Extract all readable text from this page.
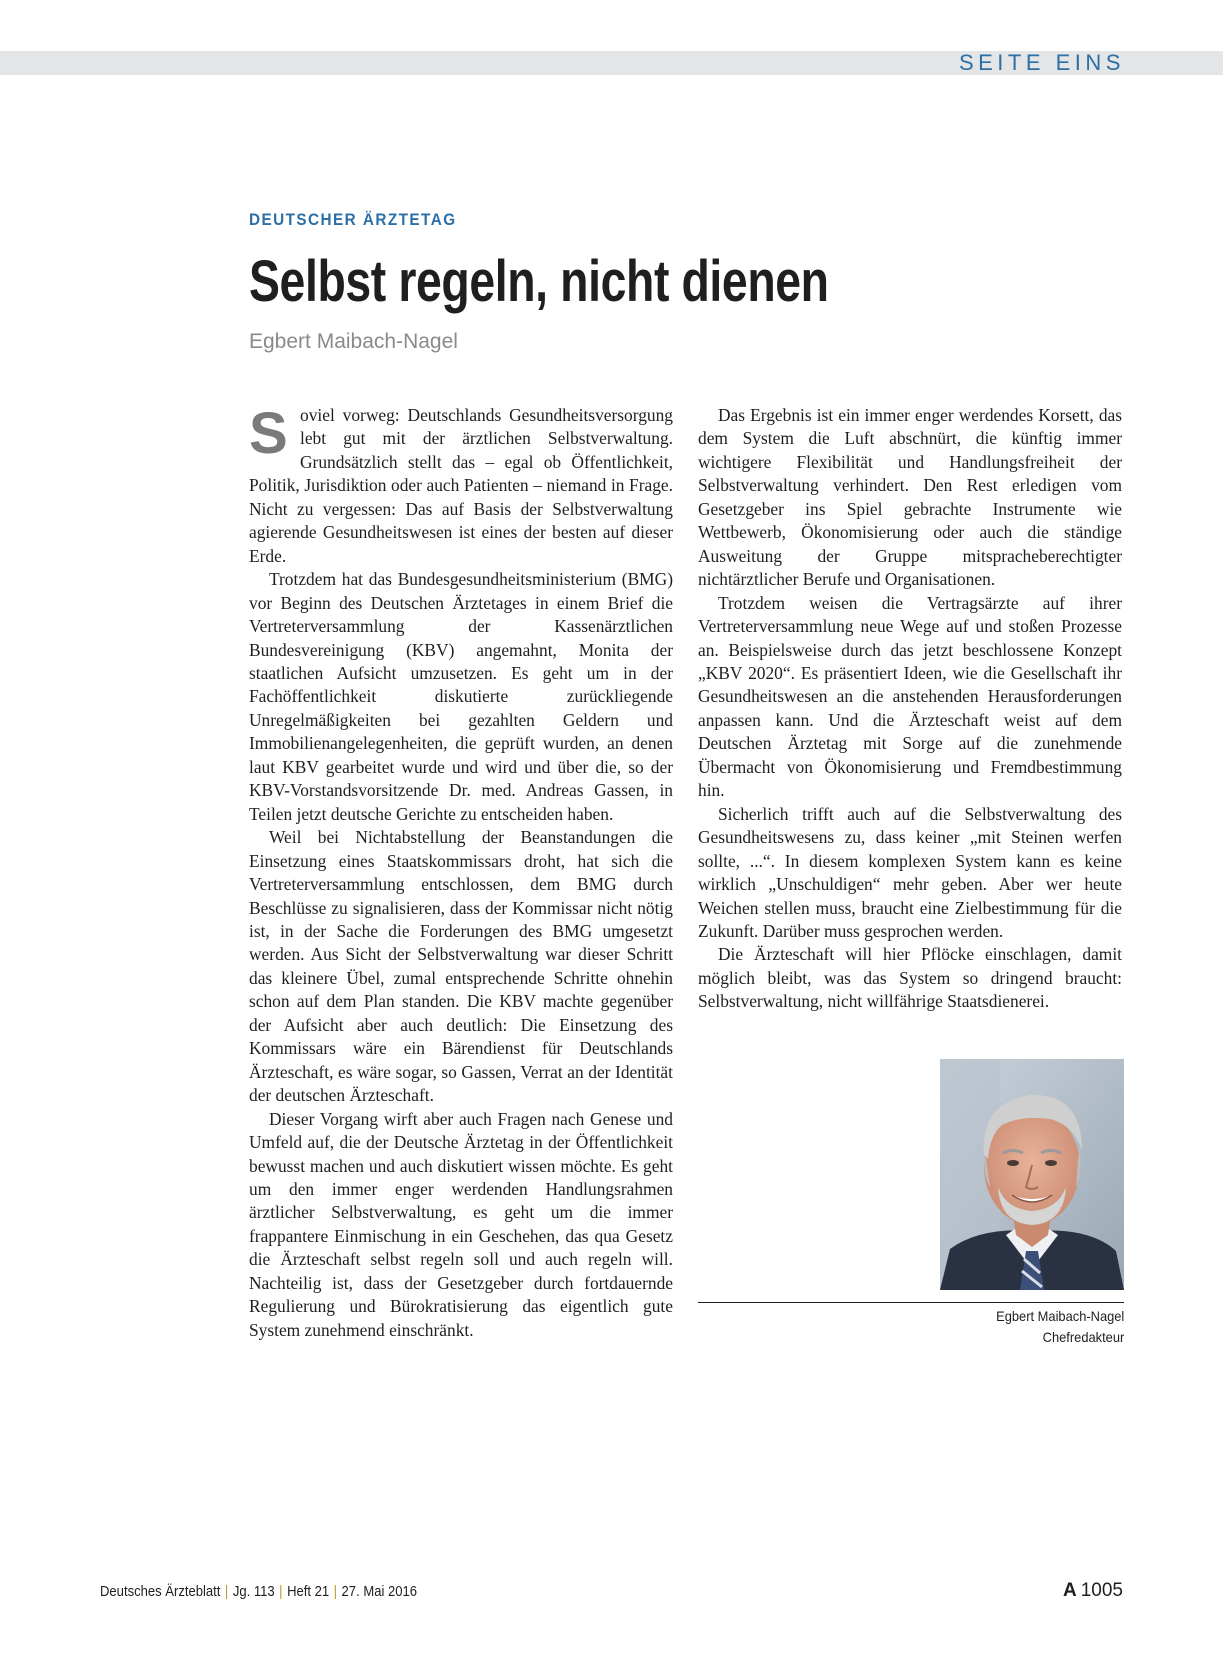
SEITE EINS
DEUTSCHER ÄRZTETAG
Selbst regeln, nicht dienen
Egbert Maibach-Nagel

Soviel vorweg: Deutschlands Gesundheitsversorgung lebt gut mit der ärztlichen Selbstverwaltung. Grundsätzlich stellt das – egal ob Öffentlichkeit, Politik, Jurisdiktion oder auch Patienten – niemand in Frage. Nicht zu vergessen: Das auf Basis der Selbstverwaltung agierende Gesundheitswesen ist eines der besten auf dieser Erde.

Trotzdem hat das Bundesgesundheitsministerium (BMG) vor Beginn des Deutschen Ärztetages in einem Brief die Vertreterversammlung der Kassenärztlichen Bundesvereinigung (KBV) angemahnt, Monita der staatlichen Aufsicht umzusetzen. Es geht um in der Fachöffentlichkeit diskutierte zurückliegende Unregelmäßigkeiten bei gezahlten Geldern und Immobilienangelegenheiten, die geprüft wurden, an denen laut KBV gearbeitet wurde und wird und über die, so der KBV-Vorstandsvorsitzende Dr. med. Andreas Gassen, in Teilen jetzt deutsche Gerichte zu entscheiden haben.

Weil bei Nichtabstellung der Beanstandungen die Einsetzung eines Staatskommissars droht, hat sich die Vertreterversammlung entschlossen, dem BMG durch Beschlüsse zu signalisieren, dass der Kommissar nicht nötig ist, in der Sache die Forderungen des BMG umgesetzt werden. Aus Sicht der Selbstverwaltung war dieser Schritt das kleinere Übel, zumal entsprechende Schritte ohnehin schon auf dem Plan standen. Die KBV machte gegenüber der Aufsicht aber auch deutlich: Die Einsetzung des Kommissars wäre ein Bärendienst für Deutschlands Ärzteschaft, es wäre sogar, so Gassen, Verrat an der Identität der deutschen Ärzteschaft.

Dieser Vorgang wirft aber auch Fragen nach Genese und Umfeld auf, die der Deutsche Ärztetag in der Öffentlichkeit bewusst machen und auch diskutiert wissen möchte. Es geht um den immer enger werdenden Handlungsrahmen ärztlicher Selbstverwaltung, es geht um die immer frappantere Einmischung in ein Geschehen, das qua Gesetz die Ärzteschaft selbst regeln soll und auch regeln will. Nachteilig ist, dass der Gesetzgeber durch fortdauernde Regulierung und Bürokratisierung das eigentlich gute System zunehmend einschränkt.

Das Ergebnis ist ein immer enger werdendes Korsett, das dem System die Luft abschnürt, die künftig immer wichtigere Flexibilität und Handlungsfreiheit der Selbstverwaltung verhindert. Den Rest erledigen vom Gesetzgeber ins Spiel gebrachte Instrumente wie Wettbewerb, Ökonomisierung oder auch die ständige Ausweitung der Gruppe mitspracheberechtigter nichtärztlicher Berufe und Organisationen.

Trotzdem weisen die Vertragsärzte auf ihrer Vertreterversammlung neue Wege auf und stoßen Prozesse an. Beispielsweise durch das jetzt beschlossene Konzept „KBV 2020“. Es präsentiert Ideen, wie die Gesellschaft ihr Gesundheitswesen an die anstehenden Herausforderungen anpassen kann. Und die Ärzteschaft weist auf dem Deutschen Ärztetag mit Sorge auf die zunehmende Übermacht von Ökonomisierung und Fremdbestimmung hin.

Sicherlich trifft auch auf die Selbstverwaltung des Gesundheitswesens zu, dass keiner „mit Steinen werfen sollte, ...“. In diesem komplexen System kann es keine wirklich „Unschuldigen“ mehr geben. Aber wer heute Weichen stellen muss, braucht eine Zielbestimmung für die Zukunft. Darüber muss gesprochen werden.

Die Ärzteschaft will hier Pflöcke einschlagen, damit möglich bleibt, was das System so dringend braucht: Selbstverwaltung, nicht willfährige Staatsdienerei.

Egbert Maibach-Nagel
Chefredakteur
Deutsches Ärzteblatt | Jg. 113 | Heft 21 | 27. Mai 2016	A 1005
